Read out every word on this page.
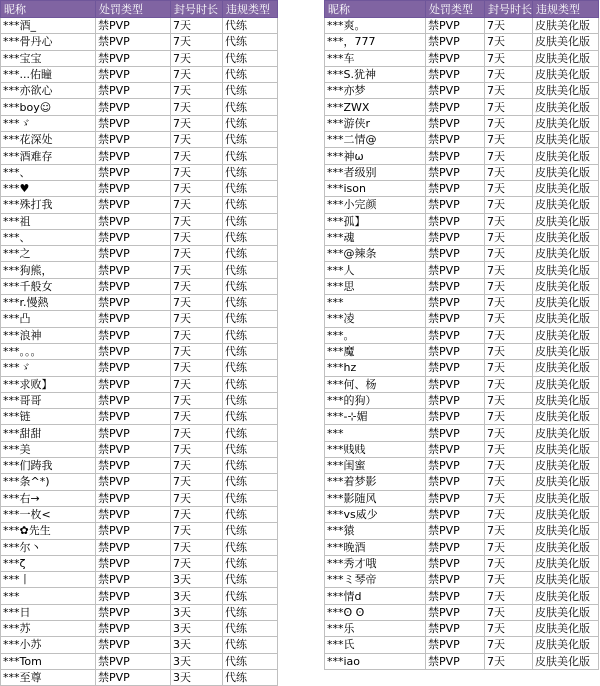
昵称	处罚类型	封号时长	违规类型
***酒_	禁PVP	7天	代练
***骨丹心	禁PVP	7天	代练
***宝宝	禁PVP	7天	代练
***...佑瞳	禁PVP	7天	代练
***亦欲心	禁PVP	7天	代练
***boy☺	禁PVP	7天	代练
***ゞ	禁PVP	7天	代练
***花深处	禁PVP	7天	代练
***酒难存	禁PVP	7天	代练
***、	禁PVP	7天	代练
***♥	禁PVP	7天	代练
***殊打我	禁PVP	7天	代练
***祖	禁PVP	7天	代练
***、	禁PVP	7天	代练
***之	禁PVP	7天	代练
***狗熊，	禁PVP	7天	代练
***千般女	禁PVP	7天	代练
***r.慢熱	禁PVP	7天	代练
***凸	禁PVP	7天	代练
***浪神	禁PVP	7天	代练
***。。。	禁PVP	7天	代练
***ゞ	禁PVP	7天	代练
***求败】	禁PVP	7天	代练
***哥哥	禁PVP	7天	代练
***链	禁PVP	7天	代练
***甜甜	禁PVP	7天	代练
***美	禁PVP	7天	代练
***们踌我	禁PVP	7天	代练
***条^*)	禁PVP	7天	代练
***右→	禁PVP	7天	代练
***一枚<	禁PVP	7天	代练
***✿先生	禁PVP	7天	代练
***尔丶	禁PVP	7天	代练
***ζ	禁PVP	7天	代练
***丨	禁PVP	3天	代练
***	禁PVP	3天	代练
***日	禁PVP	3天	代练
***苏	禁PVP	3天	代练
***小苏	禁PVP	3天	代练
***Tom	禁PVP	3天	代练
***至尊	禁PVP	3天	代练
昵称	处罚类型	封号时长	违规类型
***爽。	禁PVP	7天	皮肤美化版
***，777	禁PVP	7天	皮肤美化版
***车	禁PVP	7天	皮肤美化版
***S.犹神	禁PVP	7天	皮肤美化版
***亦梦	禁PVP	7天	皮肤美化版
***ZWX	禁PVP	7天	皮肤美化版
***游侠r	禁PVP	7天	皮肤美化版
***二情@	禁PVP	7天	皮肤美化版
***神ω	禁PVP	7天	皮肤美化版
***者级别	禁PVP	7天	皮肤美化版
***ison	禁PVP	7天	皮肤美化版
***小完颜	禁PVP	7天	皮肤美化版
***孤】	禁PVP	7天	皮肤美化版
***魂	禁PVP	7天	皮肤美化版
***@辣条	禁PVP	7天	皮肤美化版
***人	禁PVP	7天	皮肤美化版
***思	禁PVP	7天	皮肤美化版
***	禁PVP	7天	皮肤美化版
***凌	禁PVP	7天	皮肤美化版
***。	禁PVP	7天	皮肤美化版
***魔	禁PVP	7天	皮肤美化版
***hz	禁PVP	7天	皮肤美化版
***何、杨	禁PVP	7天	皮肤美化版
***的狗）	禁PVP	7天	皮肤美化版
***-⊹媚	禁PVP	7天	皮肤美化版
***	禁PVP	7天	皮肤美化版
***贱贱	禁PVP	7天	皮肤美化版
***闺蜜	禁PVP	7天	皮肤美化版
***着梦影	禁PVP	7天	皮肤美化版
***影随风	禁PVP	7天	皮肤美化版
***vs威少	禁PVP	7天	皮肤美化版
***猿	禁PVP	7天	皮肤美化版
***晚酒	禁PVP	7天	皮肤美化版
***秀才哦	禁PVP	7天	皮肤美化版
***ミ琴帝	禁PVP	7天	皮肤美化版
***情d	禁PVP	7天	皮肤美化版
***ʘ ʘ	禁PVP	7天	皮肤美化版
***乐	禁PVP	7天	皮肤美化版
***氏	禁PVP	7天	皮肤美化版
***iao	禁PVP	7天	皮肤美化版
